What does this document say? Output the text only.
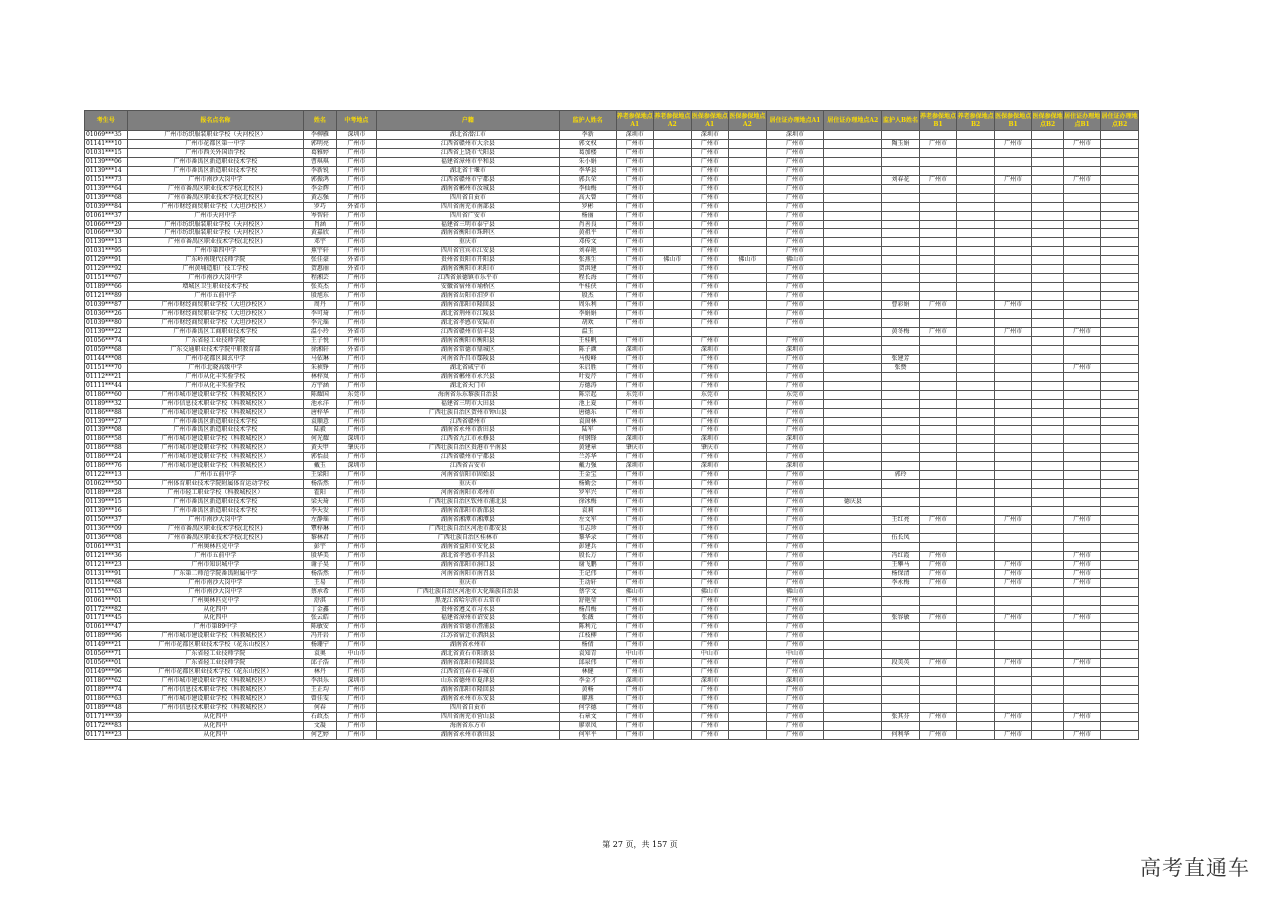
考生号	报名点名称	姓名	中考地点	户籍	监护人姓名	养老参保地点A1	养老参保地点A2	医保参保地点A1	医保参保地点A2	居住证办理地点A1	居住证办理地点A2	监护人B姓名	养老参保地点B1	养老参保地点B2	医保参保地点B1	医保参保地点B2	居住证办理地点B1	居住证办理地点B2
01069***35	广州市纺织服装职业学校（天河校区）	李柳雁	深圳市	湖北省潜江市	李新	深圳市		深圳市		深圳市								
01141***10	广州市花都区第一中学	郭明亮	广州市	江西省赣州市大余县	郭文权	广州市		广州市		广州市		陶玉娟	广州市		广州市		广州市	
01031***15	广州市西关外国语学校	葛雅婷	广州市	江西省上饶市弋阳县	葛加楼	广州市		广州市		广州市								
01139***06	广州市番禺区新造职业技术学校	曹琪琪	广州市	福建省漳州市平和县	朱小娟	广州市		广州市		广州市								
01139***14	广州市番禺区新造职业技术学校	李新锐	广州市	湖北省十堰市	李华县	广州市		广州市		广州市								
01151***73	广州市南沙大岗中学	郭振鸿	广州市	江西省赣州市宁都县	郭兵荣	广州市		广州市		广州市		刘春花	广州市		广州市		广州市	
01139***64	广州市番禺区职业技术学校(北校区)	李金辉	广州市	湖南省郴州市汝城县	李仙梅	广州市		广州市		广州市								
01139***68	广州市番禺区职业技术学校(北校区)	黄志强	广州市	四川省自贡市	高大曾	广州市		广州市		广州市								
01039***84	广州市财经商贸职业学校（大坦沙校区）	罗巧	外省市	四川省南充市南部县	罗彬	广州市		广州市		广州市								
01061***37	广州市天河中学	岑智轩	广州市	四川省广安市	杨丽	广州市		广州市		广州市								
01066***29	广州市纺织服装职业学校（天河校区）	肖涵	广州市	福建省三明市泰宁县	肖善良	广州市		广州市		广州市								
01066***30	广州市纺织服装职业学校（天河校区）	黄嘉欣	广州市	湖南省衡阳市珠晖区	黄祖平	广州市		广州市		广州市								
01139***13	广州市番禺区职业技术学校(北校区)	邓宇	广州市	重庆市	邓传文	广州市		广州市		广州市								
01031***95	广州市第四中学	蕉宇轩	广州市	四川省宜宾市江安县	刘春艳	广州市		广州市		广州市								
01129***91	广东岭南现代技师学院	张佳豪	外省市	贵州省贵阳市开阳县	张燕生	广州市	佛山市	广州市	佛山市	佛山市								
01129***92	广州黄埔造船厂技工学校	贺惠丽	外省市	湖南省衡阳市耒阳市	贺洪建	广州市		广州市		广州市								
01151***67	广州市南沙大岗中学	程湘芸	广州市	江西省景德镇市乐平市	程长海	广州市		广州市		广州市								
01189***66	增城区卫生职业技术学校	张英杰	广州市	安徽省宿州市埇桥区	牛桂侠	广州市		广州市		广州市								
01121***89	广州市五前中学	殷旭东	广州市	湖南省岳阳市汨罗市	殷杰	广州市		广州市		广州市								
01039***87	广州市财经商贸职业学校（大坦沙校区）	周丹	广州市	湖南省邵阳市隆回县	周乐利	广州市		广州市		广州市		曹彩娟	广州市		广州市			
01036***26	广州市财经商贸职业学校（大坦沙校区）	李可琦	广州市	湖北省荆州市江陵县	李娟娟	广州市		广州市		广州市								
01039***80	广州市财经商贸职业学校（大坦沙校区）	李元瑶	广州市	湖北省孝感市安陆市	胡欢	广州市		广州市		广州市								
01139***22	广州市番禺区工商职业技术学校	温小玲	外省市	江西省赣州市信丰县	温玉							黄冬梅	广州市		广州市		广州市	
01056***74	广东省轻工业技师学院	王子悦	广州市	湖南省衡阳市衡阳县	王桂帆	广州市		广州市		广州市								
01059***68	广东交通职业技术学院中职教育部	徐湘轩	外省市	湖南省常德市鼎城区	陈子颜	深圳市		深圳市		深圳市								
01144***08	广州市花都区圆玄中学	马依琳	广州市	河南省许昌市鄢陵县	马俊峰	广州市		广州市		广州市		张建芳						
01151***70	广州市北晓高级中学	朱祯铮	广州市	湖北省咸宁市	朱启胜	广州市		广州市		广州市		张赞					广州市	
01112***21	广州市从化丰实验学校	林梓岚	广州市	湖南省郴州市永兴县	叶爱芹	广州市		广州市		广州市								
01111***44	广州市从化丰实验学校	方宇涵	广州市	湖北省天门市	方德涛	广州市		广州市		广州市								
01186***60	广州市城市建设职业学校（科教城校区）	陈耀国	东莞市	海南省乐东黎族自治县	陈宗起	东莞市		东莞市		东莞市								
01189***32	广州市信息技术职业学校（科教城校区）	池永洋	广州市	福建省三明市大田县	池上夏	广州市		广州市		广州市								
01186***88	广州市城市建设职业学校（科教城校区）	唐梓华	广州市	广西壮族自治区贺州市钟山县	唐德东	广州市		广州市		广州市								
01139***27	广州市番禺区新造职业技术学校	袁顺意	广州市	江西省赣州市	袁窗林	广州市		广州市		广州市								
01139***08	广州市番禺区新造职业技术学校	陆毅	广州市	湖南省永州市新田县	陆军	广州市		广州市		广州市								
01186***58	广州市城市建设职业学校（科教城校区）	何光耀	深圳市	江西省九江市永修县	何钢锋	深圳市		深圳市		深圳市								
01186***88	广州市城市建设职业学校（科教城校区）	黄天甲	肇庆市	广西壮族自治区贵港市平南县	黄建章	肇庆市		肇庆市		广州市								
01186***24	广州市城市建设职业学校（科教城校区）	郭怡晨	广州市	江西省赣州市宁都县	兰苏华	广州市		广州市		广州市								
01186***76	广州市城市建设职业学校（科教城校区）	戴玉	深圳市	江西省吉安市	戴力强	深圳市		深圳市		深圳市								
01122***13	广州市五前中学	王梁阳	广州市	河南省信阳市固始县	王金宝	广州市		广州市		广州市		郭玲						
01062***50	广州体育职业技术学院附属体育运动学校	杨浩然	广州市	重庆市	杨勤会	广州市		广州市		广州市								
01189***28	广州市轻工职业学校（科教城校区）	霍阳	广州市	河南省南阳市邓州市	罗军兴	广州市		广州市		广州市								
01139***15	广州市番禺区新造职业技术学校	梁天琦	广州市	广西壮族自治区钦州市浦北县	徐冰梅	广州市		广州市		广州市	德庆县							
01139***16	广州市番禺区新造职业技术学校	李天发	广州市	湖南省邵阳市新邵县	袁莉	广州市		广州市		广州市								
01150***37	广州市南沙大岗中学	左静瑶	广州市	湖南省湘潭市湘潭县	左文军	广州市		广州市		广州市		王红亮	广州市		广州市		广州市	
01136***09	广州市番禺区职业技术学校(北校区)	覃梓琳	广州市	广西壮族自治区河池市都安县	韦志珍	广州市		广州市		广州市								
01136***08	广州市番禺区职业技术学校(北校区)	黎林君	广州市	广西壮族自治区桂林市	黎华录	广州市		广州市		广州市		伍长凤						
01061***31	广州奥林匹克中学	彭宇	广州市	湖南省益阳市安化县	彭建兵	广州市		广州市		广州市								
01121***36	广州市五前中学	殷华美	广州市	湖北省孝感市孝昌县	殷长万	广州市		广州市		广州市		冯红霞	广州市				广州市	
01121***23	广州市知识城中学	谢子昊	广州市	湖南省邵阳市洞口县	谢飞鹏	广州市		广州市		广州市		王攀马	广州市		广州市		广州市	
01131***91	广东第二师范学院番禺附属中学	杨浩然	广州市	河南省南阳市南召县	王记伟	广州市		广州市		广州市		杨保清	广州市		广州市		广州市	
01151***68	广州市南沙大岗中学	王易	广州市	重庆市	王动轩	广州市		广州市		广州市		李永梅	广州市		广州市		广州市	
01151***63	广州市南沙大岗中学	蔡承希	广州市	广西壮族自治区河池市大化瑶族自治县	蔡学文	佛山市		佛山市		佛山市								
01061***01	广州奥林匹克中学	舒淇	广州市	黑龙江省哈尔滨市五常市	舒艳莹	广州市		广州市		广州市								
01172***82	从化四中	丁金鑫	广州市	贵州省遵义市习水县	杨昌梅	广州市		广州市		广州市								
01171***45	从化四中	张云皓	广州市	福建省漳州市诏安县	张薇	广州市		广州市		广州市		张容敏	广州市		广州市		广州市	
01061***47	广州市第89中学	陈敏安	广州市	湖南省常德市澧浦县	陈利元	广州市		广州市		广州市								
01189***96	广州市城市建设职业学校（科教城校区）	冯开岩	广州市	江苏省宿迁市泗洪县	江枝柳	广州市		广州市		广州市								
01149***21	广州市花都区职业技术学校（花东山校区）	杨珊宁	广州市	湖南省永州市	杨倩	广州市		广州市		广州市								
01056***71	广东省轻工业技师学院	袁奥	中山市	湖北省黄石市阳新县	袁知青	中山市		中山市		中山市								
01056***01	广东省轻工业技师学院	邱子浩	广州市	湖南省邵阳市隆回县	邱泉伟	广州市		广州市		广州市		段美英	广州市		广州市		广州市	
01149***96	广州市花都区职业技术学校（花东山校区）	林丹	广州市	江西省宜春市丰城市	林健	广州市		广州市		广州市								
01186***62	广州市城市建设职业学校（科教城校区）	李洪乐	深圳市	山东省德州市夏津县	李金才	深圳市		深圳市		深圳市								
01189***74	广州市信息技术职业学校（科教城校区）	王正均	广州市	湖南省邵阳市隆回县	黄畅	广州市		广州市		广州市								
01186***63	广州市城市建设职业学校（科教城校区）	曾佳雯	广州市	湖南省永州市东安县	廖燕	广州市		广州市		广州市								
01189***48	广州市信息技术职业学校（科教城校区）	何春	广州市	四川省自贡市	何学德	广州市		广州市		广州市								
01171***39	从化四中	石政杰	广州市	四川省南充市营山县	石章文	广州市		广州市		广州市		张其芬	广州市		广州市		广州市	
01172***83	从化四中	文凝	广州市	海南省东方市	廖翠凤	广州市		广州市		广州市								
01171***23	从化四中	何艺婷	广州市	湖南省永州市新田县	何军平	广州市		广州市		广州市		何利华	广州市		广州市		广州市	
第 27 页，共 157 页
高考直通车
